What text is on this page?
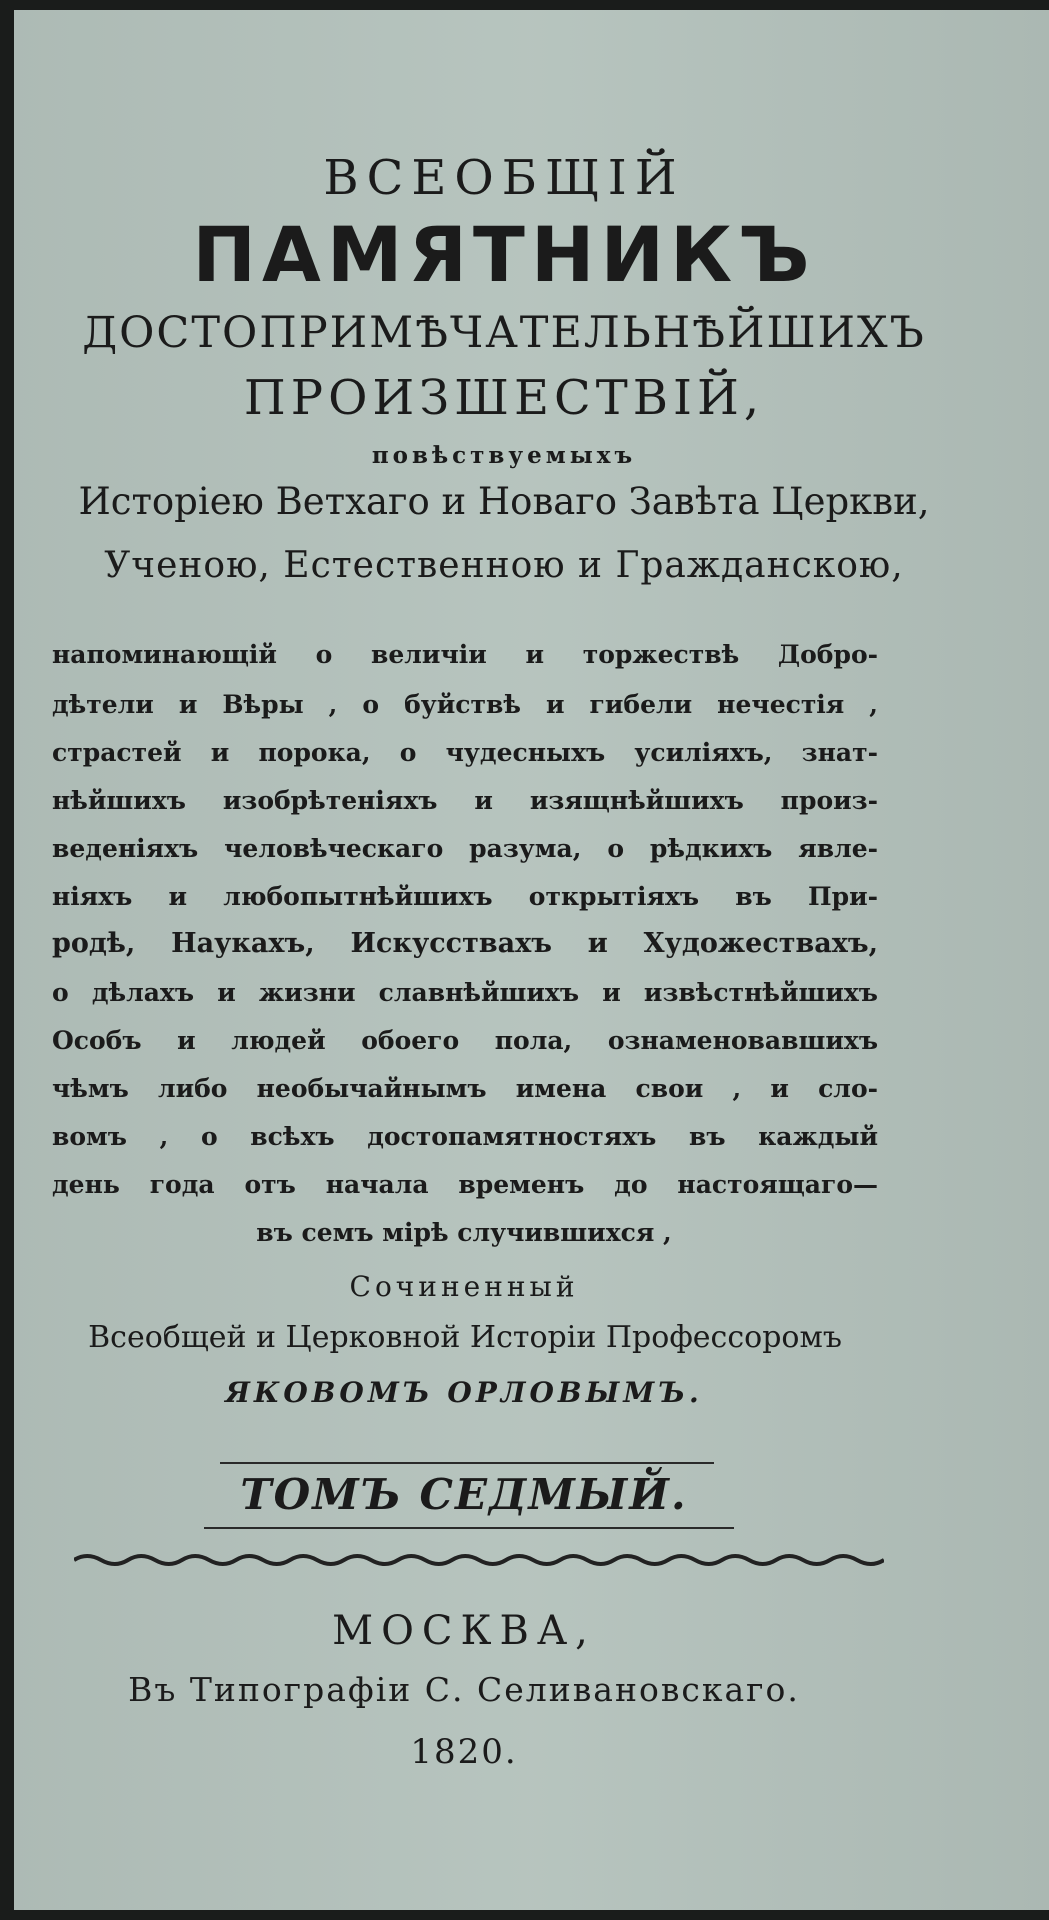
ВСЕОБЩІЙ
ПАМЯТНИКЪ
ДОСТОПРИМѢЧАТЕЛЬНѢЙШИХЪ
ПРОИЗШЕСТВІЙ,
повѣствуемыхъ
Исторіею Ветхаго и Новаго Завѣта Церкви,
Ученою, Естественною и Гражданскою,
напоминающій о величіи и торжествѣ Добро-
дѣтели и Вѣры , о буйствѣ и гибели нечестія ,
страстей и порока, о чудесныхъ усиліяхъ, знат-
нѣйшихъ изобрѣтеніяхъ и изящнѣйшихъ произ-
веденіяхъ человѣческаго разума, о рѣдкихъ явле-
ніяхъ и любопытнѣйшихъ открытіяхъ въ При-
родѣ, Наукахъ, Искусствахъ и Художествахъ,
о дѣлахъ и жизни славнѣйшихъ и извѣстнѣйшихъ
Особъ и людей обоего пола, ознаменовавшихъ
чѣмъ либо необычайнымъ имена свои , и сло-
вомъ , о всѣхъ достопамятностяхъ въ каждый
день года отъ начала временъ до настоящаго—
въ семъ мірѣ случившихся ,
Сочиненный
Всеобщей и Церковной Исторіи Профессоромъ
ЯКОВОМЪ ОРЛОВЫМЪ.
ТОМЪ СЕДМЫЙ.
МОСКВА,
Въ Типографіи С. Селивановскаго.
1820.
